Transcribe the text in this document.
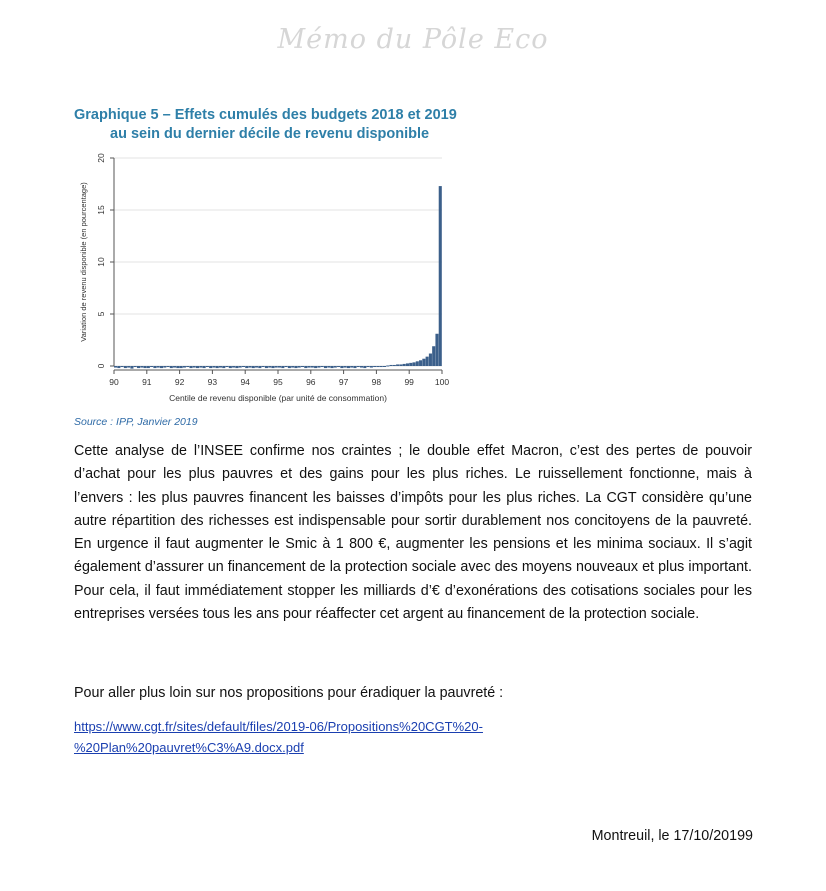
Mémo du Pôle Eco
Graphique 5 – Effets cumulés des budgets 2018 et 2019
au sein du dernier décile de revenu disponible
0
5
10
15
20
90	91	92	93	94	95	96	97	98	99 100
Centile de revenu disponible (par unité de consommation)
Variation de revenu disponible (en pourcentage)
Source : IPP, Janvier 2019

Cette analyse de l’INSEE confirme nos craintes ; le double effet Macron, c’est des pertes de pouvoir d’achat pour les plus pauvres et des gains pour les plus riches. Le ruissellement fonctionne, mais à l’envers : les plus pauvres financent les baisses d’impôts pour les plus riches. La CGT considère qu’une autre répartition des richesses est indispensable pour sortir durablement nos concitoyens de la pauvreté. En urgence il faut augmenter le Smic à 1 800 €, augmenter les pensions et les minima sociaux. Il s’agit également d’assurer un financement de la protection sociale avec des moyens nouveaux et plus important. Pour cela, il faut immédiatement stopper les milliards d’€ d’exonérations des cotisations sociales pour les entreprises versées tous les ans pour réaffecter cet argent au financement de la protection sociale.

Pour aller plus loin sur nos propositions pour éradiquer la pauvreté :

https://www.cgt.fr/sites/default/files/2019-06/Propositions%20CGT%20-
%20Plan%20pauvret%C3%A9.docx.pdf
Montreuil, le 17/10/20199
